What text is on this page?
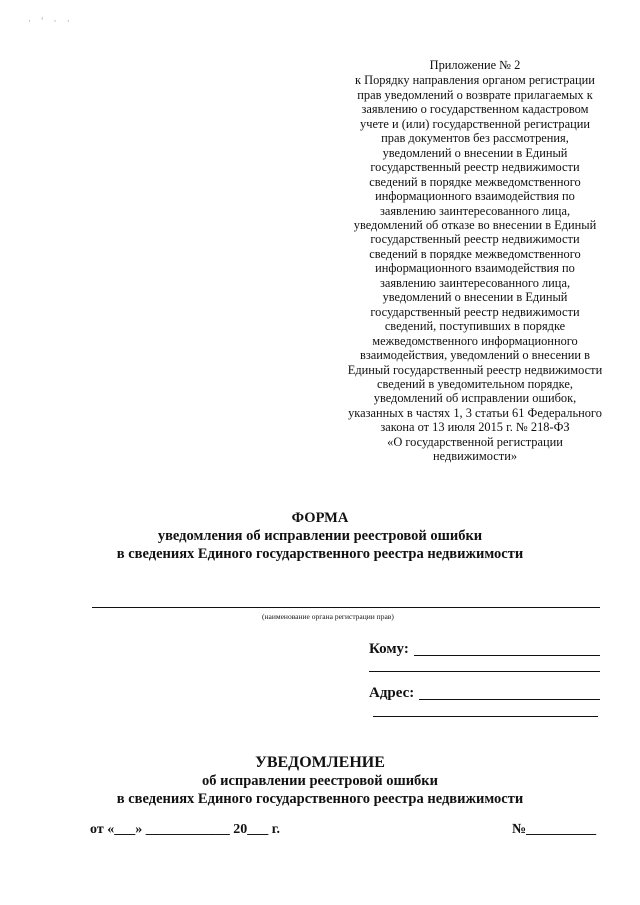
· ′ · ·
Приложение № 2
к Порядку направления органом регистрации
прав уведомлений о возврате прилагаемых к
заявлению о государственном кадастровом
учете и (или) государственной регистрации
прав документов без рассмотрения,
уведомлений о внесении в Единый
государственный реестр недвижимости
сведений в порядке межведомственного
информационного взаимодействия по
заявлению заинтересованного лица,
уведомлений об отказе во внесении в Единый
государственный реестр недвижимости
сведений в порядке межведомственного
информационного взаимодействия по
заявлению заинтересованного лица,
уведомлений о внесении в Единый
государственный реестр недвижимости
сведений, поступивших в порядке
межведомственного информационного
взаимодействия, уведомлений о внесении в
Единый государственный реестр недвижимости
сведений в уведомительном порядке,
уведомлений об исправлении ошибок,
указанных в частях 1, 3 статьи 61 Федерального
закона от 13 июля 2015 г. № 218-ФЗ
«О государственной регистрации
недвижимости»
ФОРМА
уведомления об исправлении реестровой ошибки
в сведениях Единого государственного реестра недвижимости
(наименование органа регистрации прав)
Кому:
Адрес:
УВЕДОМЛЕНИЕ
об исправлении реестровой ошибки
в сведениях Единого государственного реестра недвижимости
от «___» ____________ 20___ г.	№__________
